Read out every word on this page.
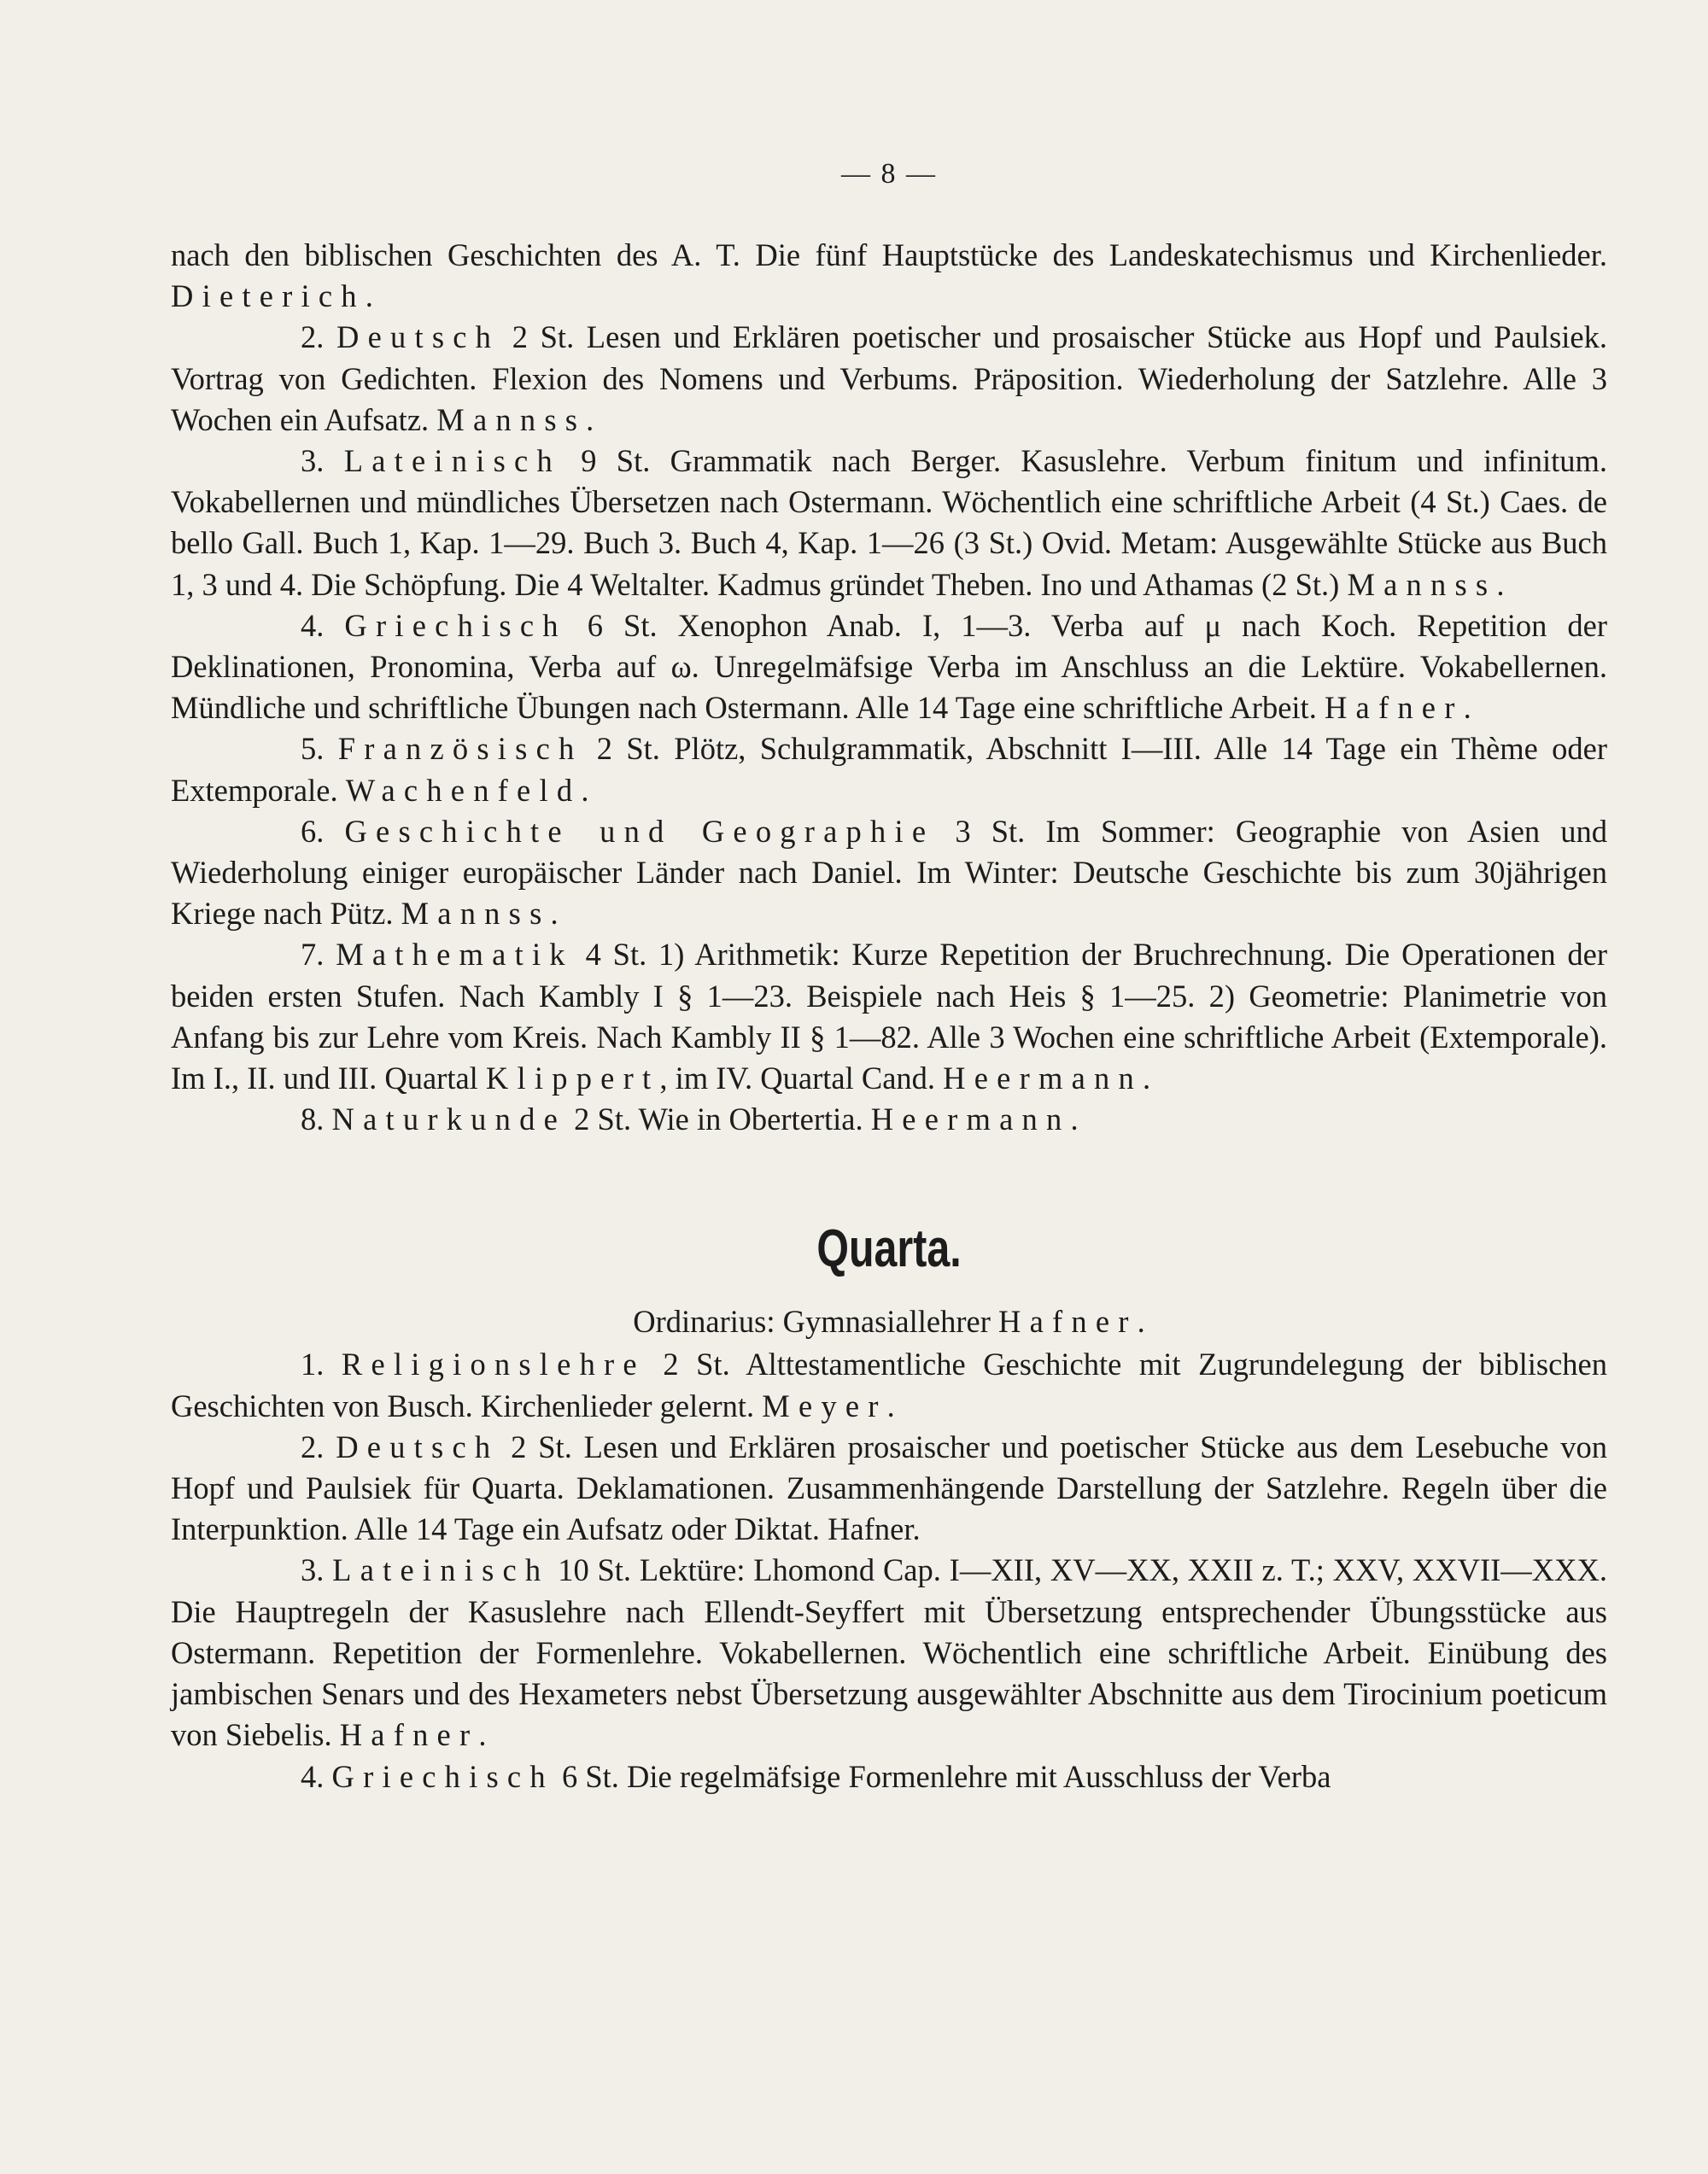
— 8 —

nach den biblischen Geschichten des A. T. Die fünf Hauptstücke des Landeskatechismus und Kirchenlieder. Dieterich.

2. Deutsch 2 St. Lesen und Erklären poetischer und prosaischer Stücke aus Hopf und Paulsiek. Vortrag von Gedichten. Flexion des Nomens und Verbums. Präposition. Wiederholung der Satzlehre. Alle 3 Wochen ein Aufsatz. Mannss.

3. Lateinisch 9 St. Grammatik nach Berger. Kasuslehre. Verbum finitum und infinitum. Vokabellernen und mündliches Übersetzen nach Ostermann. Wöchentlich eine schriftliche Arbeit (4 St.) Caes. de bello Gall. Buch 1, Kap. 1—29. Buch 3. Buch 4, Kap. 1—26 (3 St.) Ovid. Metam: Ausgewählte Stücke aus Buch 1, 3 und 4. Die Schöpfung. Die 4 Weltalter. Kadmus gründet Theben. Ino und Athamas (2 St.) Mannss.

4. Griechisch 6 St. Xenophon Anab. I, 1—3. Verba auf μ nach Koch. Repetition der Deklinationen, Pronomina, Verba auf ω. Unregelmäfsige Verba im Anschluss an die Lektüre. Vokabellernen. Mündliche und schriftliche Übungen nach Ostermann. Alle 14 Tage eine schriftliche Arbeit. Hafner.

5. Französisch 2 St. Plötz, Schulgrammatik, Abschnitt I—III. Alle 14 Tage ein Thème oder Extemporale. Wachenfeld.

6. Geschichte und Geographie 3 St. Im Sommer: Geographie von Asien und Wiederholung einiger europäischer Länder nach Daniel. Im Winter: Deutsche Geschichte bis zum 30jährigen Kriege nach Pütz. Mannss.

7. Mathematik 4 St. 1) Arithmetik: Kurze Repetition der Bruchrechnung. Die Operationen der beiden ersten Stufen. Nach Kambly I § 1—23. Beispiele nach Heis § 1—25. 2) Geometrie: Planimetrie von Anfang bis zur Lehre vom Kreis. Nach Kambly II § 1—82. Alle 3 Wochen eine schriftliche Arbeit (Extemporale). Im I., II. und III. Quartal Klippert, im IV. Quartal Cand. Heermann.

8. Naturkunde 2 St. Wie in Obertertia. Heermann.

Quarta.
Ordinarius: Gymnasiallehrer Hafner.

1. Religionslehre 2 St. Alttestamentliche Geschichte mit Zugrundelegung der biblischen Geschichten von Busch. Kirchenlieder gelernt. Meyer.

2. Deutsch 2 St. Lesen und Erklären prosaischer und poetischer Stücke aus dem Lesebuche von Hopf und Paulsiek für Quarta. Deklamationen. Zusammenhängende Darstellung der Satzlehre. Regeln über die Interpunktion. Alle 14 Tage ein Aufsatz oder Diktat. Hafner.

3. Lateinisch 10 St. Lektüre: Lhomond Cap. I—XII, XV—XX, XXII z. T.; XXV, XXVII—XXX. Die Hauptregeln der Kasuslehre nach Ellendt-Seyffert mit Übersetzung entsprechender Übungsstücke aus Ostermann. Repetition der Formenlehre. Vokabellernen. Wöchentlich eine schriftliche Arbeit. Einübung des jambischen Senars und des Hexameters nebst Übersetzung ausgewählter Abschnitte aus dem Tirocinium poeticum von Siebelis. Hafner.

4. Griechisch 6 St. Die regelmäfsige Formenlehre mit Ausschluss der Verba
